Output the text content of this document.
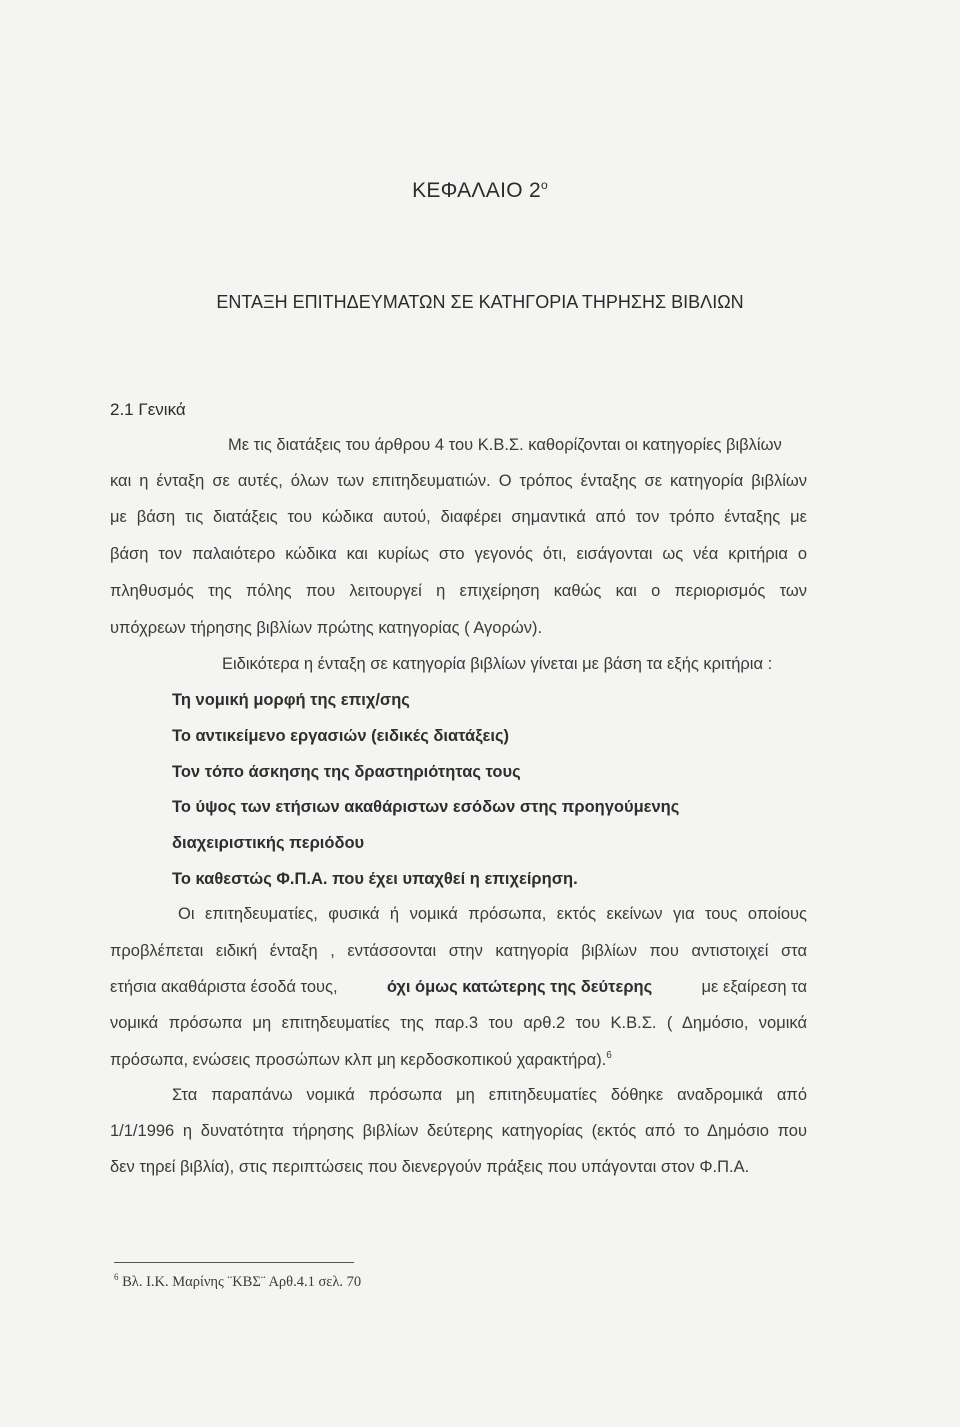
ΚΕΦΑΛΑΙΟ $2^o$
ΕΝΤΑΞΗ ΕΠΙΤΗΔΕΥΜΑΤΩΝ ΣΕ ΚΑΤΗΓΟΡΙΑ ΤΗΡΗΣΗΣ ΒΙΒΛΙΩΝ
2.1 Γενικά
Με τις διατάξεις του άρθρου 4 του Κ.Β.Σ. καθορίζονται οι κατηγορίες βιβλίων
και η ένταξη σε αυτές, όλων των επιτηδευματιών. Ο τρόπος ένταξης σε κατηγορία βιβλίων
με βάση τις διατάξεις του κώδικα αυτού, διαφέρει σημαντικά από τον τρόπο ένταξης με
βάση τον παλαιότερο κώδικα και κυρίως στο γεγονός ότι, εισάγονται ως νέα κριτήρια ο
πληθυσμός της πόλης που λειτουργεί η επιχείρηση καθώς και ο περιορισμός των
υπόχρεων τήρησης βιβλίων πρώτης κατηγορίας ( Αγορών).
Ειδικότερα η ένταξη σε κατηγορία βιβλίων γίνεται με βάση τα εξής κριτήρια :
Τη νομική μορφή της επιχ/σης
Το αντικείμενο εργασιών (ειδικές διατάξεις)
Τον τόπο άσκησης της δραστηριότητας τους
Το ύψος των ετήσιων ακαθάριστων εσόδων στης προηγούμενης
διαχειριστικής περιόδου
Το καθεστώς Φ.Π.Α. που έχει υπαχθεί η επιχείρηση.
Οι επιτηδευματίες, φυσικά ή νομικά πρόσωπα, εκτός εκείνων για τους οποίους
προβλέπεται ειδική ένταξη , εντάσσονται στην κατηγορία βιβλίων που αντιστοιχεί στα
ετήσια ακαθάριστα έσοδά τους,	όχι όμως κατώτερης της δεύτερης	με εξαίρεση τα
νομικά πρόσωπα μη επιτηδευματίες της παρ.3 του αρθ.2 του Κ.Β.Σ. ( Δημόσιο, νομικά
πρόσωπα, ενώσεις προσώπων κλπ μη κερδοσκοπικού χαρακτήρα).$^6$
Στα παραπάνω νομικά πρόσωπα μη επιτηδευματίες δόθηκε αναδρομικά από
1/1/1996 η δυνατότητα τήρησης βιβλίων δεύτερης κατηγορίας (εκτός από το Δημόσιο που
δεν τηρεί βιβλία), στις περιπτώσεις που διενεργούν πράξεις που υπάγονται στον Φ.Π.Α.
$^6$ Βλ. Ι.Κ. Μαρίνης ¨ΚΒΣ¨ Αρθ.4.1 σελ. 70
